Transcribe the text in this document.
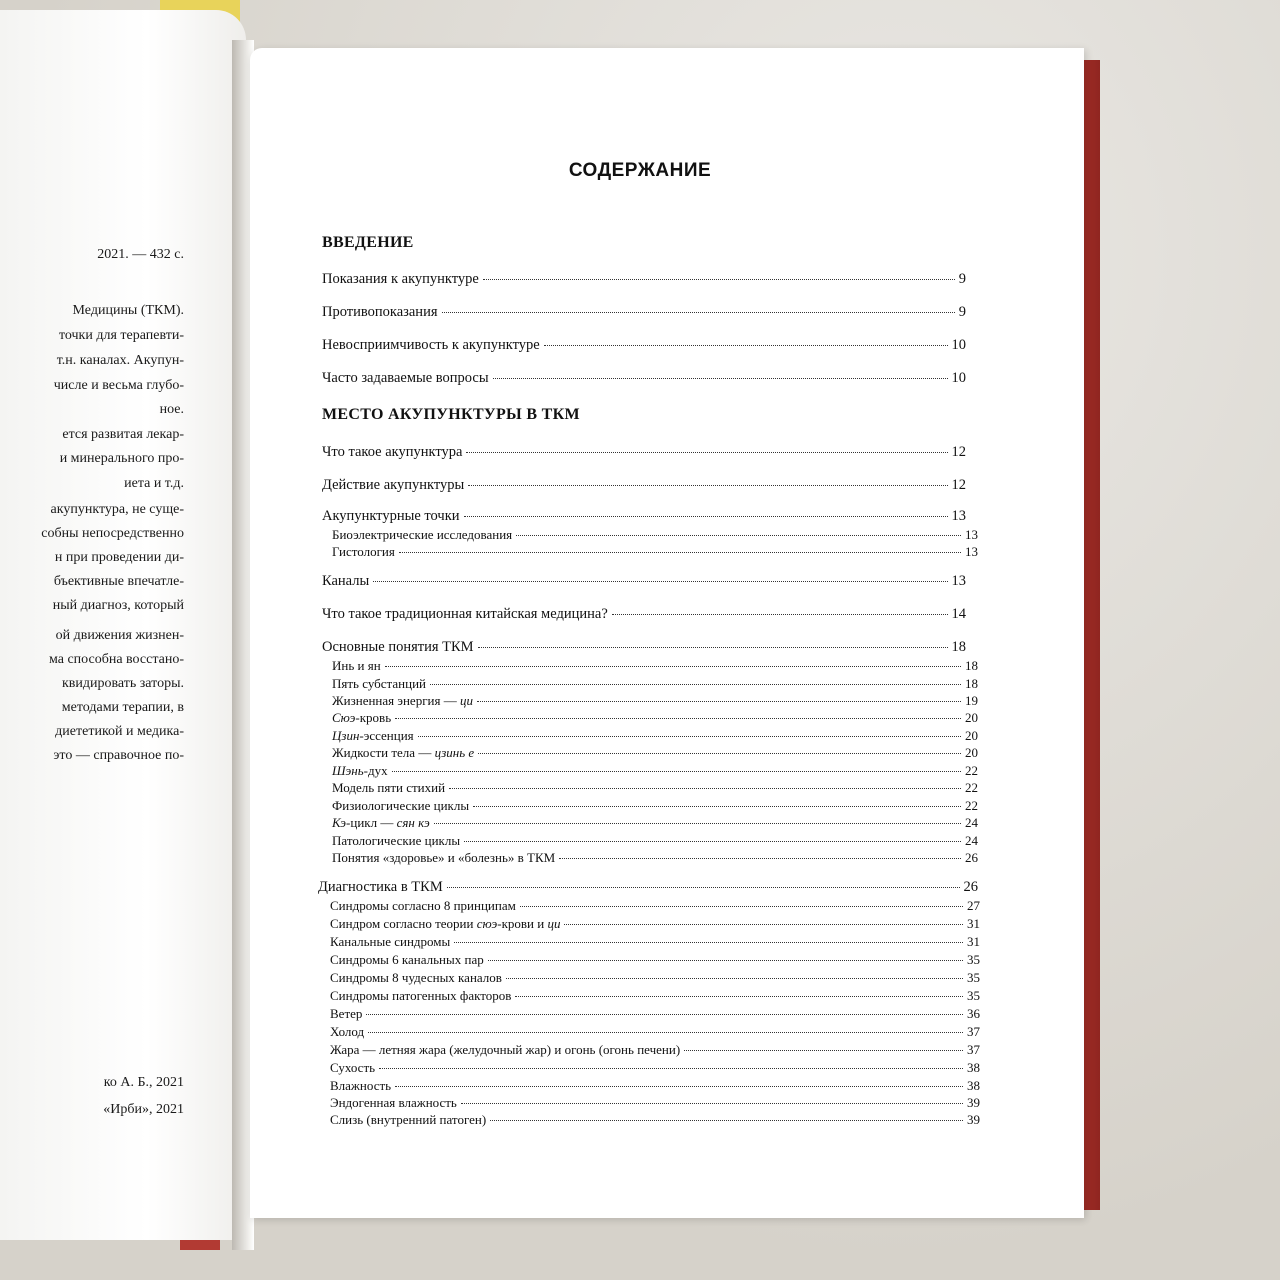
2021. — 432 с.
Медицины (ТКМ).
точки для терапевти-
т.н. каналах. Акупун-
числе и весьма глубо-
ное.
ется развитая лекар-
и минерального про-
иета и т.д.
акупунктура, не суще-
собны непосредственно
н при проведении ди-
бъективные впечатле-
ный диагноз, который
ой движения жизнен-
ма способна восстано-
квидировать заторы.
методами терапии, в
диететикой и медика-
это — справочное по-
ко А. Б., 2021
«Ирби», 2021
СОДЕРЖАНИЕ
ВВЕДЕНИЕ
Показания к акупунктуре	9
Противопоказания	9
Невосприимчивость к акупунктуре	10
Часто задаваемые вопросы	10
МЕСТО АКУПУНКТУРЫ В ТКМ
Что такое акупунктура	12
Действие акупунктуры	12
Акупунктурные точки	13
Биоэлектрические исследования	13
Гистология	13
Каналы	13
Что такое традиционная китайская медицина?	14
Основные понятия ТКМ	18
Инь и ян	18
Пять субстанций	18
Жизненная энергия — ци	19
Сюэ-кровь	20
Цзин-эссенция	20
Жидкости тела — цзинь е	20
Шэнь-дух	22
Модель пяти стихий	22
Физиологические циклы	22
Кэ-цикл — сян кэ	24
Патологические циклы	24
Понятия «здоровье» и «болезнь» в ТКМ	26
Диагностика в ТКМ	26
Синдромы согласно 8 принципам	27
Синдром согласно теории сюэ-крови и ци	31
Канальные синдромы	31
Синдромы 6 канальных пар	35
Синдромы 8 чудесных каналов	35
Синдромы патогенных факторов	35
Ветер	36
Холод	37
Жара — летняя жара (желудочный жар) и огонь (огонь печени)	37
Сухость	38
Влажность	38
Эндогенная влажность	39
Слизь (внутренний патоген)	39
